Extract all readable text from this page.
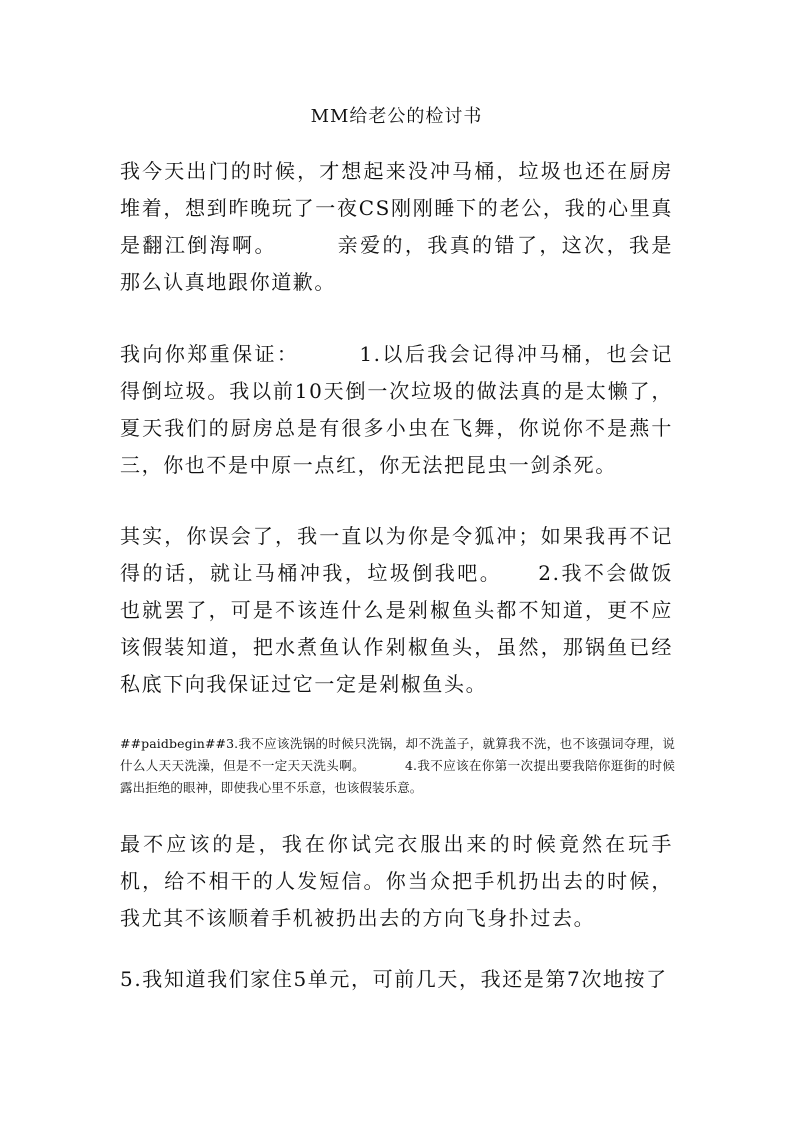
MM给老公的检讨书

我今天出门的时候，才想起来没冲马桶，垃圾也还在厨房堆着，想到昨晚玩了一夜CS刚刚睡下的老公，我的心里真是翻江倒海啊。	亲爱的，我真的错了，这次，我是那么认真地跟你道歉。

我向你郑重保证：	1.以后我会记得冲马桶，也会记得倒垃圾。我以前10天倒一次垃圾的做法真的是太懒了，夏天我们的厨房总是有很多小虫在飞舞，你说你不是燕十三，你也不是中原一点红，你无法把昆虫一剑杀死。

其实，你误会了，我一直以为你是令狐冲；如果我再不记得的话，就让马桶冲我，垃圾倒我吧。 2.我不会做饭也就罢了，可是不该连什么是剁椒鱼头都不知道，更不应该假装知道，把水煮鱼认作剁椒鱼头，虽然，那锅鱼已经私底下向我保证过它一定是剁椒鱼头。

##paidbegin##3.我不应该洗锅的时候只洗锅，却不洗盖子，就算我不洗，也不该强词夺理，说什么人天天洗澡，但是不一定天天洗头啊。	4.我不应该在你第一次提出要我陪你逛街的时候露出拒绝的眼神，即使我心里不乐意，也该假装乐意。

最不应该的是，我在你试完衣服出来的时候竟然在玩手机，给不相干的人发短信。你当众把手机扔出去的时候，我尤其不该顺着手机被扔出去的方向飞身扑过去。

5.我知道我们家住5单元，可前几天，我还是第7次地按了
